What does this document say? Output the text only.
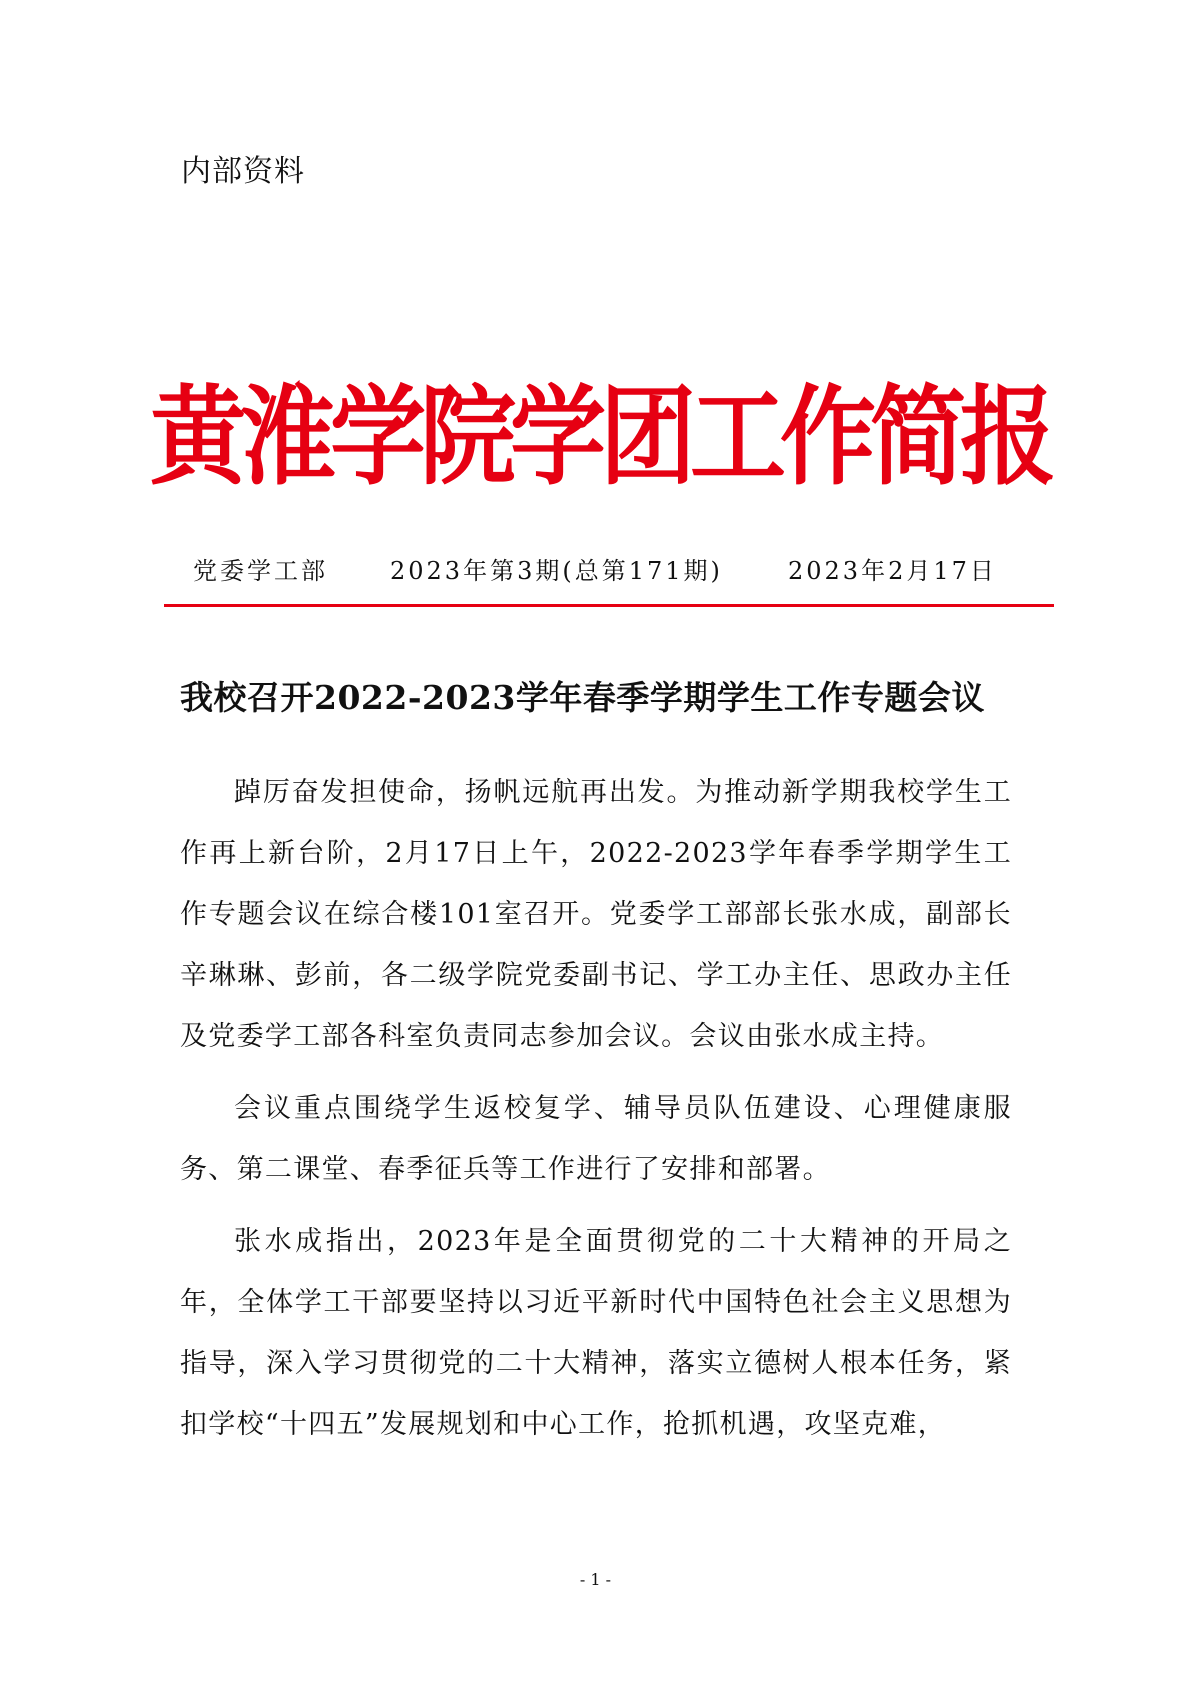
内部资料
黄淮学院学团工作简报
党委学工部	2023年第3期(总第171期)	2023年2月17日
我校召开2022-2023学年春季学期学生工作专题会议

踔厉奋发担使命，扬帆远航再出发。为推动新学期我校学生工作再上新台阶，2月17日上午，2022-2023学年春季学期学生工作专题会议在综合楼101室召开。党委学工部部长张水成，副部长辛琳琳、彭前，各二级学院党委副书记、学工办主任、思政办主任及党委学工部各科室负责同志参加会议。会议由张水成主持。

会议重点围绕学生返校复学、辅导员队伍建设、心理健康服务、第二课堂、春季征兵等工作进行了安排和部署。

张水成指出，2023年是全面贯彻党的二十大精神的开局之年，全体学工干部要坚持以习近平新时代中国特色社会主义思想为指导，深入学习贯彻党的二十大精神，落实立德树人根本任务，紧扣学校“十四五”发展规划和中心工作，抢抓机遇，攻坚克难，

- 1 -
